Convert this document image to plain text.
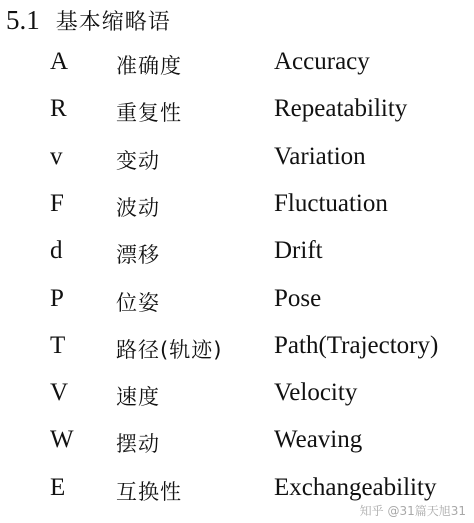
5.1 基本缩略语
A 准确度	Accuracy
R 重复性	Repeatability
v	变动	Variation
F 波动	Fluctuation
d	漂移	Drift
P 位姿	Pose
T 路径(轨迹) Path(Trajectory)
V 速度	Velocity
W 摆动	Weaving
E 互换性	Exchangeability
知乎 @31篇天旭31
